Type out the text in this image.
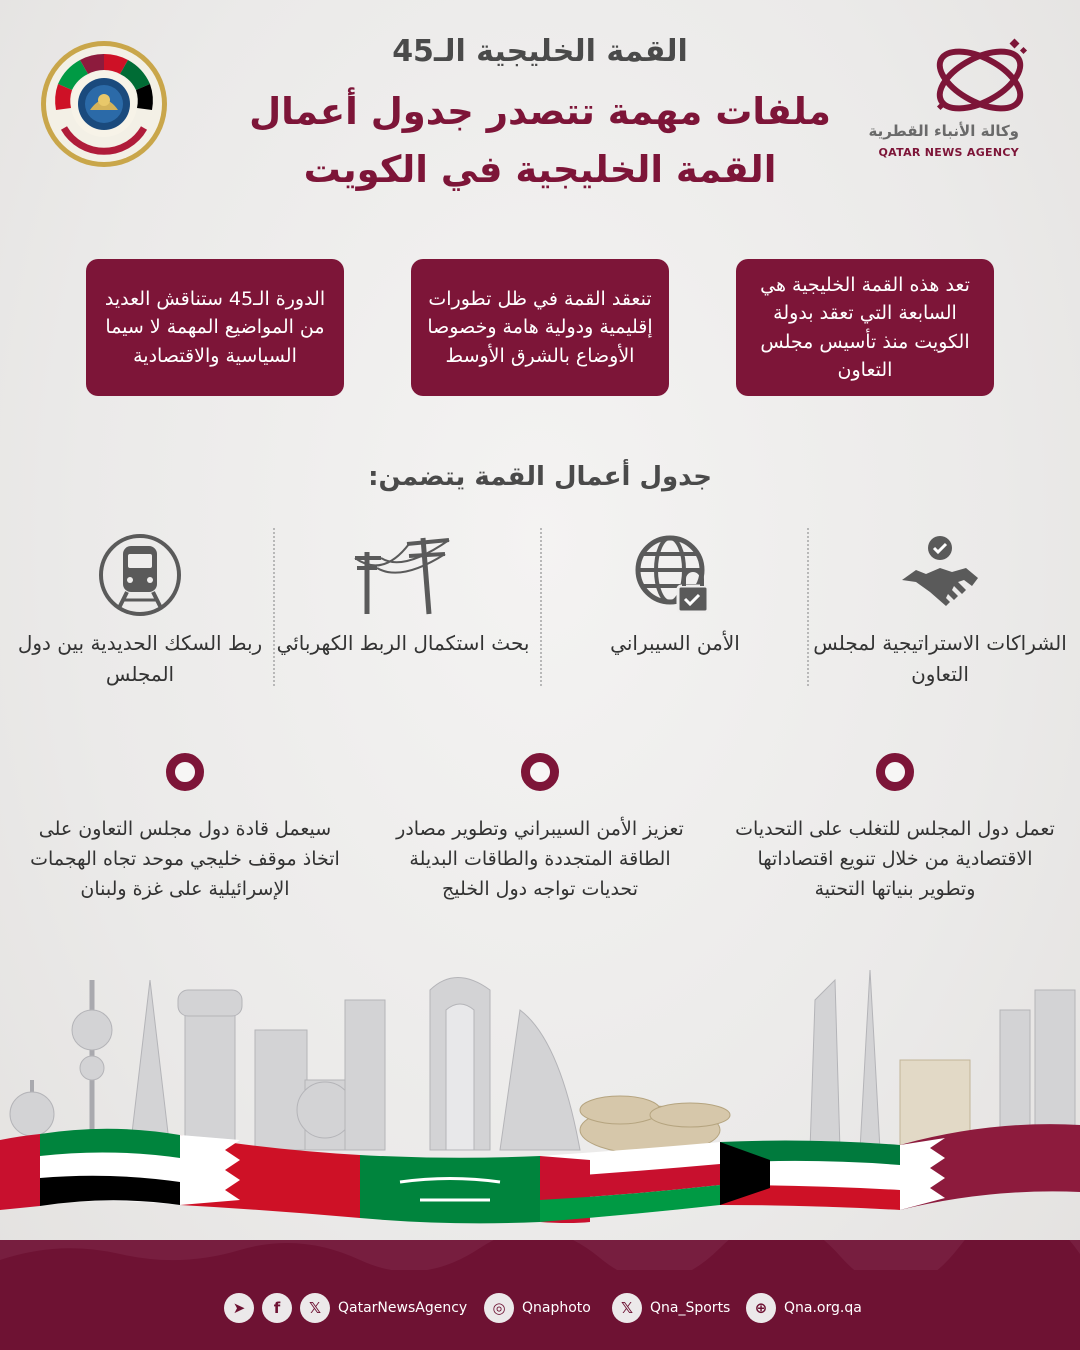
القمة الخليجية الـ45
ملفات مهمة تتصدر جدول أعمال
القمة الخليجية في الكويت
وكالة الأنباء القطرية
QATAR NEWS AGENCY
تعد هذه القمة الخليجية هي السابعة التي تعقد بدولة الكويت منذ تأسيس مجلس التعاون
تنعقد القمة في ظل تطورات إقليمية ودولية هامة وخصوصا الأوضاع بالشرق الأوسط
الدورة الـ45 ستناقش العديد من المواضيع المهمة لا سيما السياسية والاقتصادية
جدول أعمال القمة يتضمن:
الشراكات الاستراتيجية لمجلس التعاون
الأمن السيبراني
بحث استكمال الربط الكهربائي
ربط السكك الحديدية بين دول المجلس
تعمل دول المجلس للتغلب على التحديات الاقتصادية من خلال تنويع اقتصاداتها وتطوير بنياتها التحتية
تعزيز الأمن السيبراني وتطوير مصادر الطاقة المتجددة والطاقات البديلة تحديات تواجه دول الخليج
سيعمل قادة دول مجلس التعاون على اتخاذ موقف خليجي موحد تجاه الهجمات الإسرائيلية على غزة ولبنان
➤	f	𝕏	QatarNewsAgency	◎	Qnaphoto	𝕏	Qna_Sports	⊕	Qna.org.qa
